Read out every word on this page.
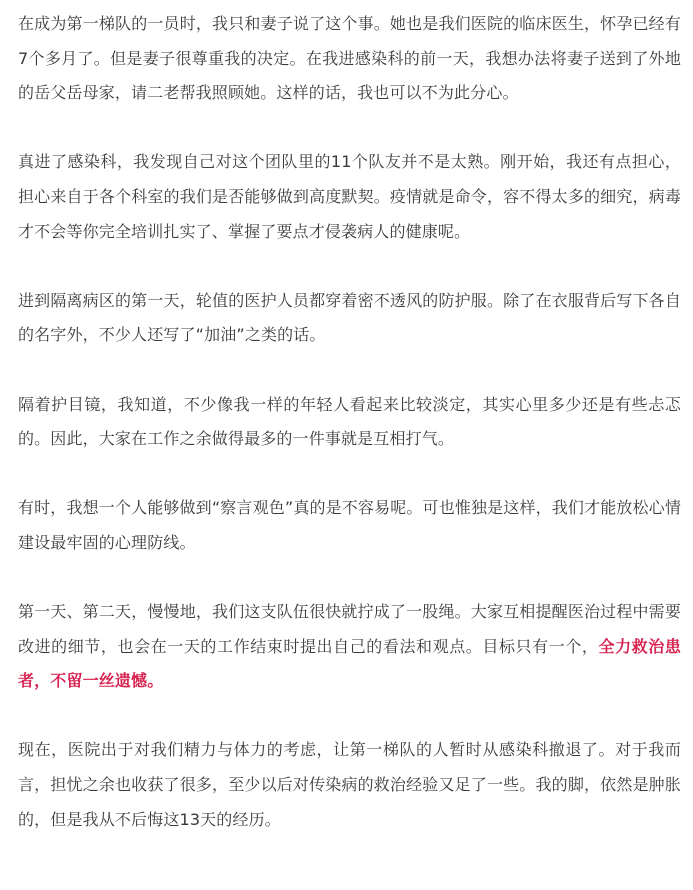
在成为第一梯队的一员时，我只和妻子说了这个事。她也是我们医院的临床医生，怀孕已经有7个多月了。但是妻子很尊重我的决定。在我进感染科的前一天，我想办法将妻子送到了外地的岳父岳母家，请二老帮我照顾她。这样的话，我也可以不为此分心。

真进了感染科，我发现自己对这个团队里的11个队友并不是太熟。刚开始，我还有点担心，担心来自于各个科室的我们是否能够做到高度默契。疫情就是命令，容不得太多的细究，病毒才不会等你完全培训扎实了、掌握了要点才侵袭病人的健康呢。

进到隔离病区的第一天，轮值的医护人员都穿着密不透风的防护服。除了在衣服背后写下各自的名字外，不少人还写了“加油”之类的话。

隔着护目镜，我知道，不少像我一样的年轻人看起来比较淡定，其实心里多少还是有些忐忑的。因此，大家在工作之余做得最多的一件事就是互相打气。

有时，我想一个人能够做到“察言观色”真的是不容易呢。可也惟独是这样，我们才能放松心情建设最牢固的心理防线。

第一天、第二天，慢慢地，我们这支队伍很快就拧成了一股绳。大家互相提醒医治过程中需要改进的细节，也会在一天的工作结束时提出自己的看法和观点。目标只有一个，全力救治患者，不留一丝遗憾。

现在，医院出于对我们精力与体力的考虑，让第一梯队的人暂时从感染科撤退了。对于我而言，担忧之余也收获了很多，至少以后对传染病的救治经验又足了一些。我的脚，依然是肿胀的，但是我从不后悔这13天的经历。
